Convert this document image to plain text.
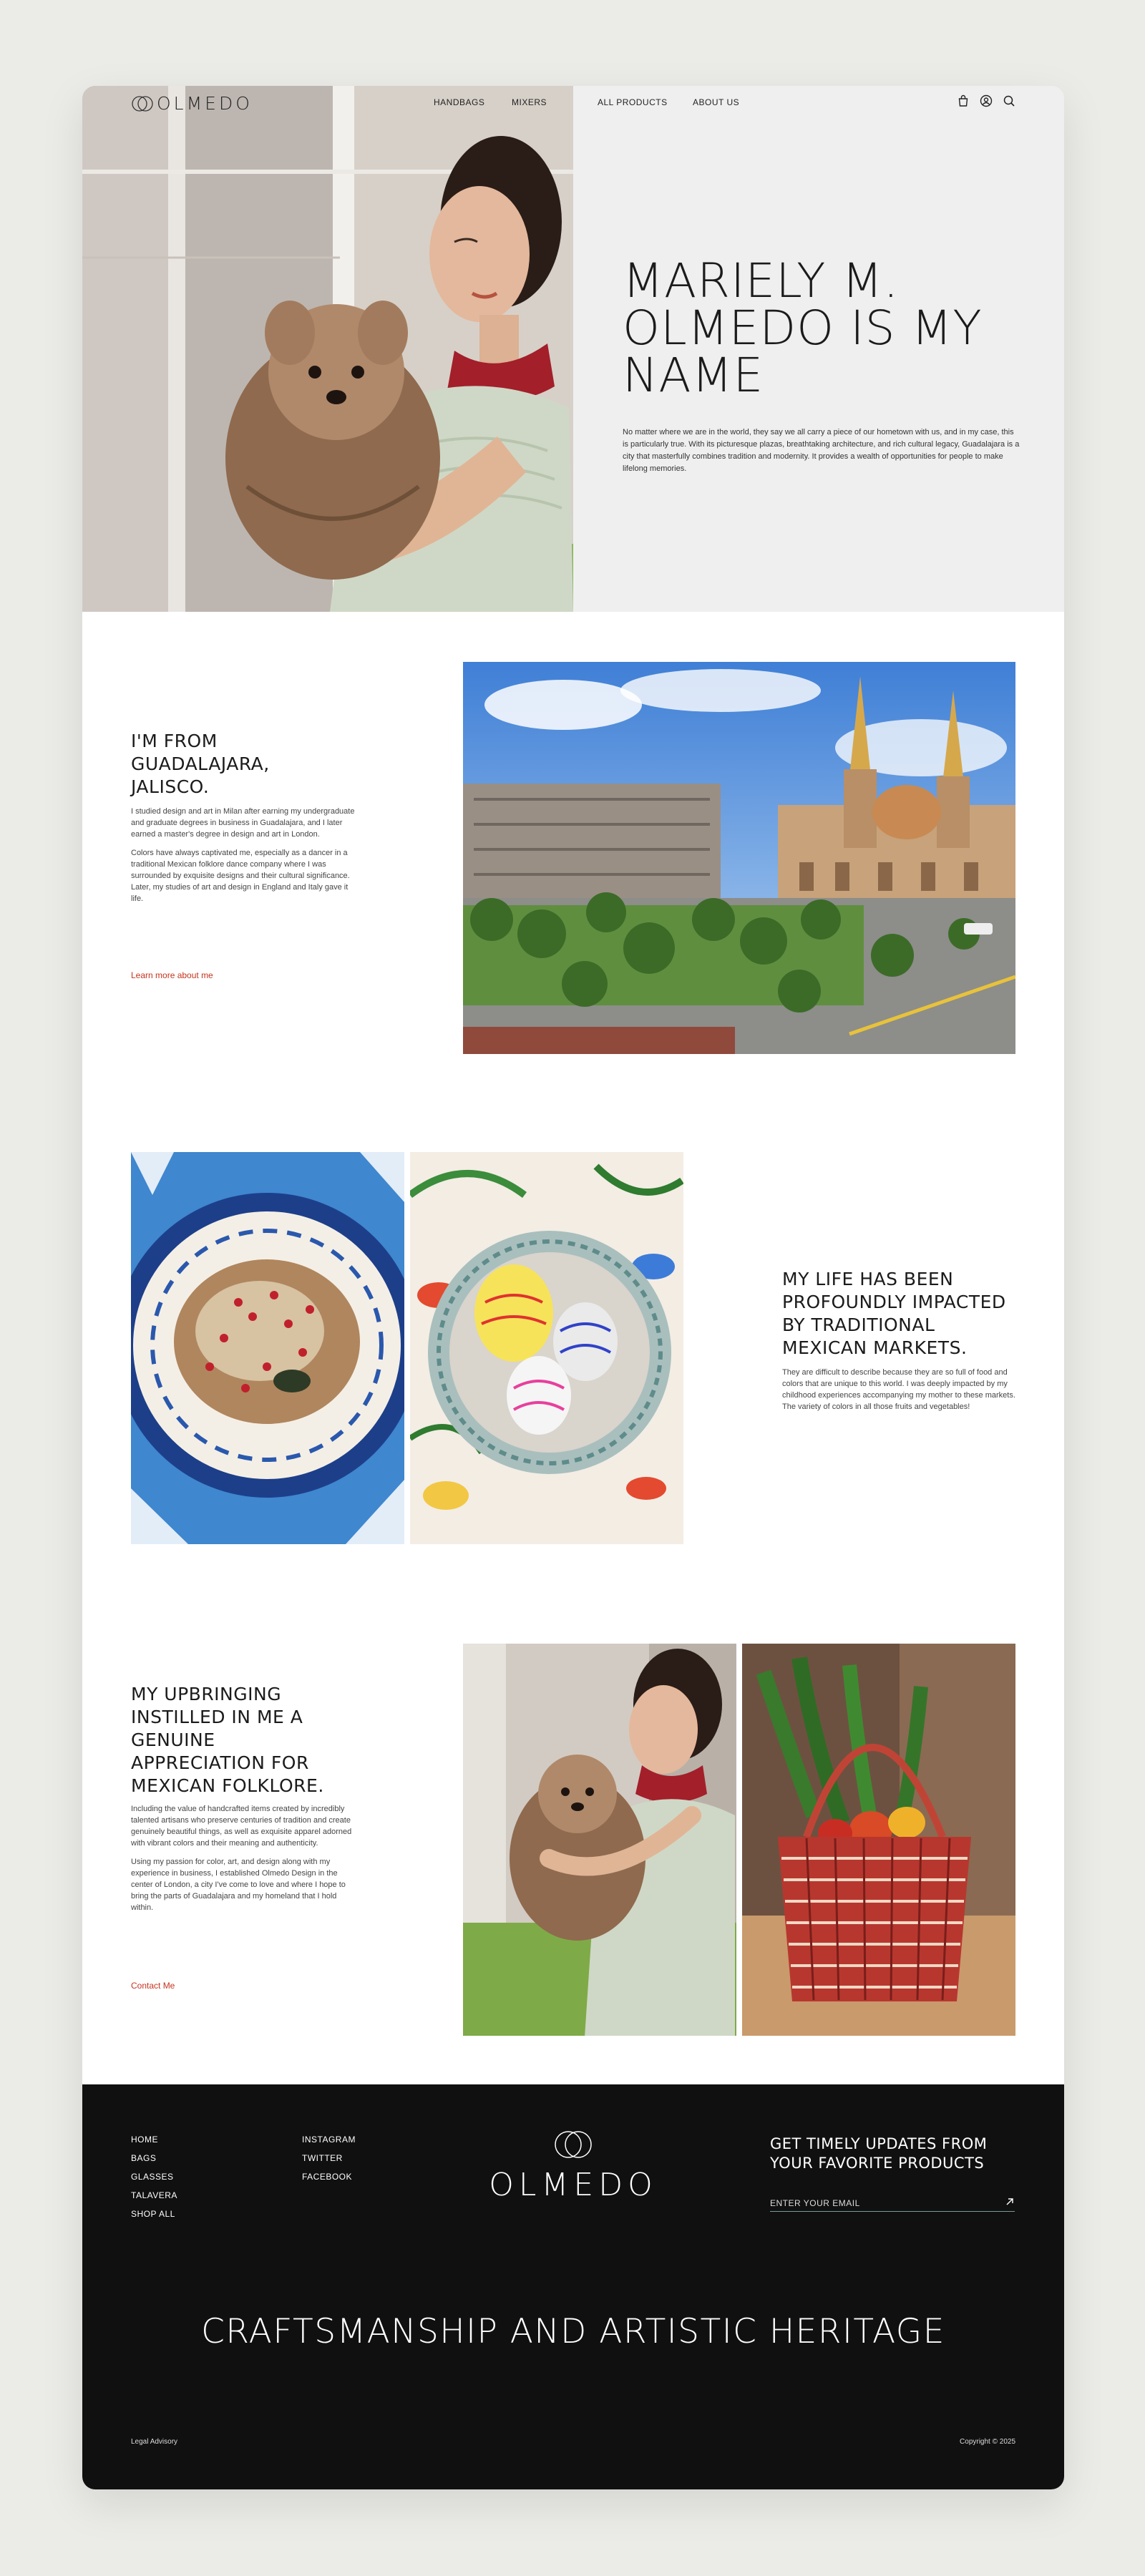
OLMEDO	HANDBAGS	MIXERS	ALL PRODUCTS	ABOUT US
MARIELY M. OLMEDO IS MY NAME

No matter where we are in the world, they say we all carry a piece of our hometown with us, and in my case, this is particularly true. With its picturesque plazas, breathtaking architecture, and rich cultural legacy, Guadalajara is a city that masterfully combines tradition and modernity. It provides a wealth of opportunities for people to make lifelong memories.

I'M FROM GUADALAJARA, JALISCO.

I studied design and art in Milan after earning my undergraduate and graduate degrees in business in Guadalajara, and I later earned a master's degree in design and art in London.

Colors have always captivated me, especially as a dancer in a traditional Mexican folklore dance company where I was surrounded by exquisite designs and their cultural significance. Later, my studies of art and design in England and Italy gave it life.

Learn more about me
MY LIFE HAS BEEN PROFOUNDLY IMPACTED BY TRADITIONAL MEXICAN MARKETS.

They are difficult to describe because they are so full of food and colors that are unique to this world. I was deeply impacted by my childhood experiences accompanying my mother to these markets. The variety of colors in all those fruits and vegetables!

MY UPBRINGING INSTILLED IN ME A GENUINE APPRECIATION FOR MEXICAN FOLKLORE.

Including the value of handcrafted items created by incredibly talented artisans who preserve centuries of tradition and create genuinely beautiful things, as well as exquisite apparel adorned with vibrant colors and their meaning and authenticity.

Using my passion for color, art, and design along with my experience in business, I established Olmedo Design in the center of London, a city I've come to love and where I hope to bring the parts of Guadalajara and my homeland that I hold within.

Contact Me
HOME
BAGS
GLASSES
TALAVERA
SHOP ALL
INSTAGRAM
TWITTER
FACEBOOK	OLMEDO
GET TIMELY UPDATES FROM YOUR FAVORITE PRODUCTS
ENTER YOUR EMAIL
CRAFTSMANSHIP AND ARTISTIC HERITAGE
Legal Advisory	Copyright © 2025
